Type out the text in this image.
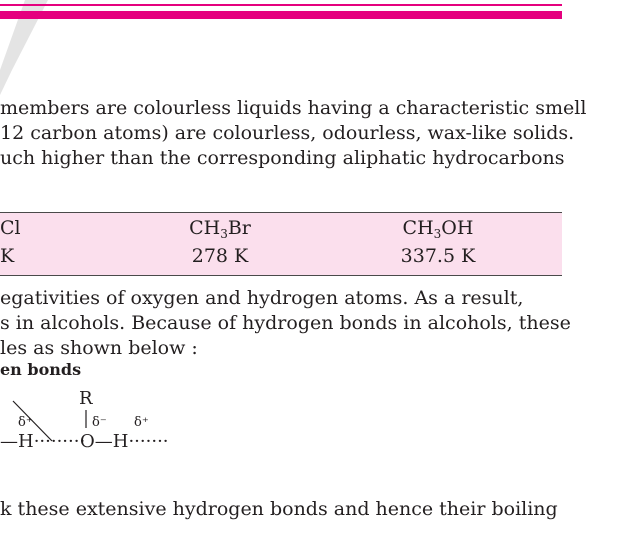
members are colourless liquids having a characteristic smell
12 carbon atoms) are colourless, odourless, wax-like solids.
uch higher than the corresponding aliphatic hydrocarbons
Cl	$CH_3Br$	$CH_3OH$
K	278 K	337.5 K
egativities of oxygen and hydrogen atoms. As a result,
s in alcohols. Because of hydrogen bonds in alcohols, these
les as shown below :
en bonds
R
δ⁻
δ⁺	δ⁺
—H·········
O—H·······
k these extensive hydrogen bonds and hence their boiling
